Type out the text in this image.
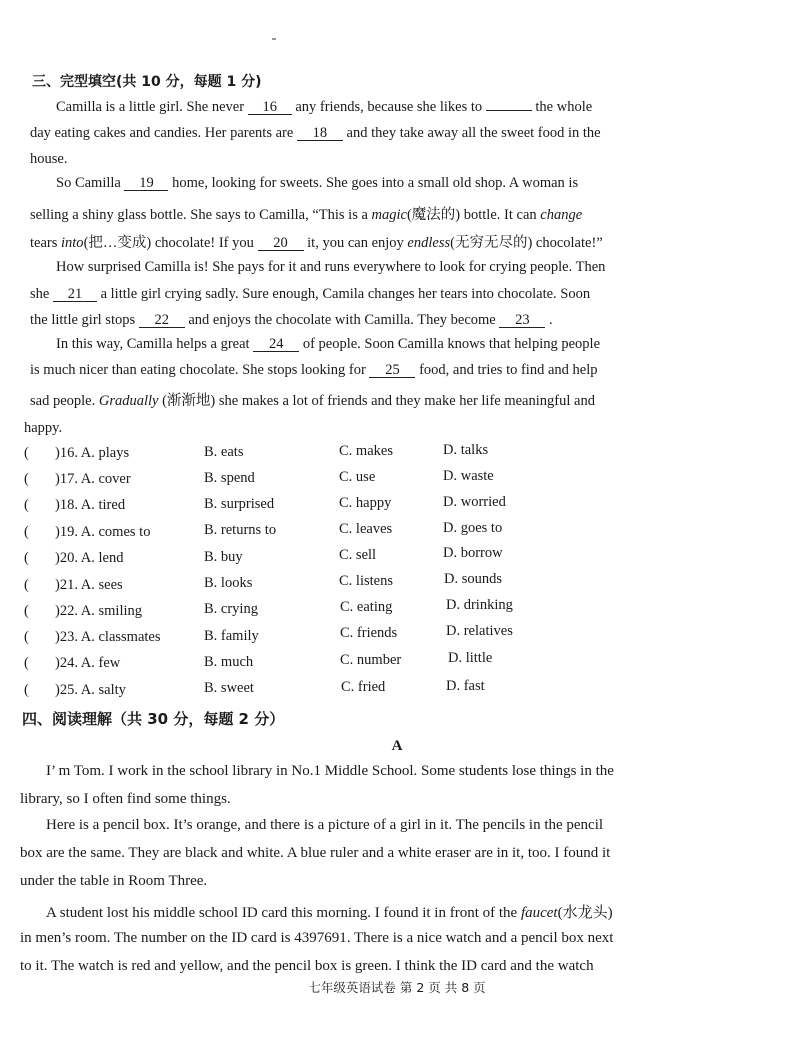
三、完型填空(共 10 分，每题 1 分)
Camilla is a little girl. She never 16 any friends, because she likes to	the whole
day eating cakes and candies. Her parents are 18 and they take away all the sweet food in the
house.
So Camilla 19 home, looking for sweets. She goes into a small old shop. A woman is
selling a shiny glass bottle. She says to Camilla, “This is a magic(魔法的) bottle. It can change
tears into(把…变成) chocolate! If you 20 it, you can enjoy endless(无穷无尽的) chocolate!”
How surprised Camilla is! She pays for it and runs everywhere to look for crying people. Then
she 21 a little girl crying sadly. Sure enough, Camila changes her tears into chocolate. Soon
the little girl stops 22 and enjoys the chocolate with Camilla. They become 23 .
In this way, Camilla helps a great 24 of people. Soon Camilla knows that helping people
is much nicer than eating chocolate. She stops looking for 25 food, and tries to find and help
sad people. Gradually (渐渐地) she makes a lot of friends and they make her life meaningful and
happy.
( )16. A. plays	B. eats	C. makes	D. talks
( )17. A. cover	B. spend	C. use	D. waste
( )18. A. tired	B. surprised	C. happy	D. worried
( )19. A. comes to	B. returns to	C. leaves	D. goes to
( )20. A. lend	B. buy	C. sell	D. borrow
( )21. A. sees	B. looks	C. listens	D. sounds
( )22. A. smiling	B. crying	C. eating	D. drinking
( )23. A. classmates	B. family	C. friends	D. relatives
( )24. A. few	B. much	C. number	D. little
( )25. A. salty	B. sweet	C. fried	D. fast
四、阅读理解（共 30 分，每题 2 分）
A
I’ m Tom. I work in the school library in No.1 Middle School. Some students lose things in the
library, so I often find some things.
Here is a pencil box. It’s orange, and there is a picture of a girl in it. The pencils in the pencil
box are the same. They are black and white. A blue ruler and a white eraser are in it, too. I found it
under the table in Room Three.
A student lost his middle school ID card this morning. I found it in front of the faucet(水龙头)
in men’s room. The number on the ID card is 4397691. There is a nice watch and a pencil box next
to it. The watch is red and yellow, and the pencil box is green. I think the ID card and the watch
七年级英语试卷 第 2 页 共 8 页
